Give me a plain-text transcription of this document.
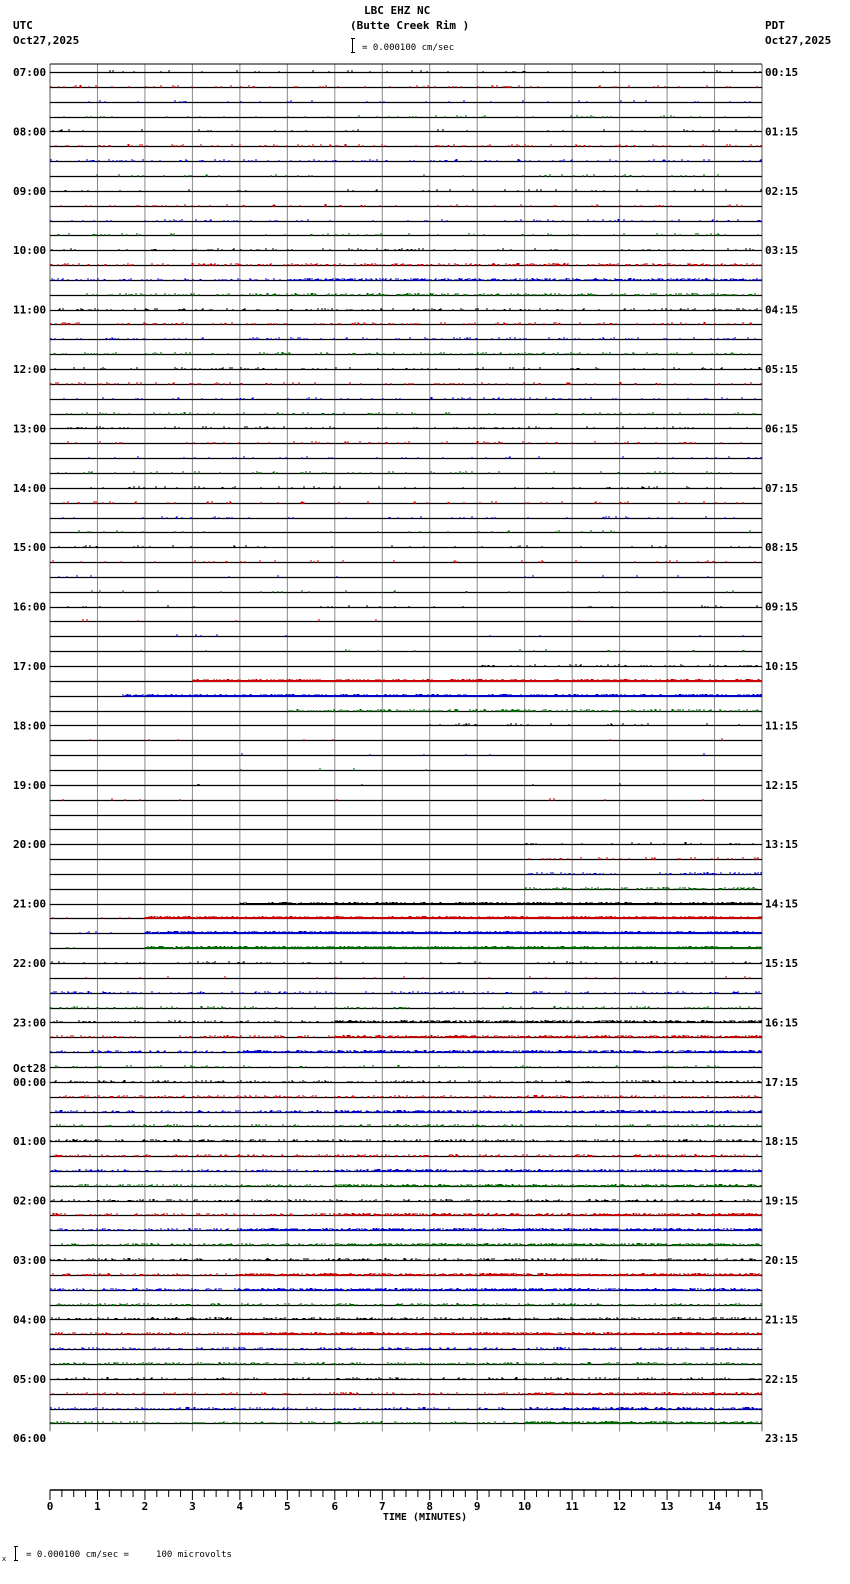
LBC EHZ NC
(Butte Creek Rim )
UTC
Oct27,2025
PDT
Oct27,2025
= 0.000100 cm/sec
07:00	00:15
08:00	01:15
09:00	02:15
10:00	03:15
11:00	04:15
12:00	05:15
13:00	06:15
14:00	07:15
15:00	08:15
16:00	09:15
17:00	10:15
18:00	11:15
19:00	12:15
20:00	13:15
21:00	14:15
22:00	15:15
23:00	16:15
00:00	17:15
01:00	18:15
02:00	19:15
03:00	20:15
04:00	21:15
05:00	22:15
06:00	23:15
Oct28
0	1	2	3	4	5	6	7	8	9	10	11	12	13	14	15
TIME (MINUTES)
x = 0.000100 cm/sec =     100 microvolts
